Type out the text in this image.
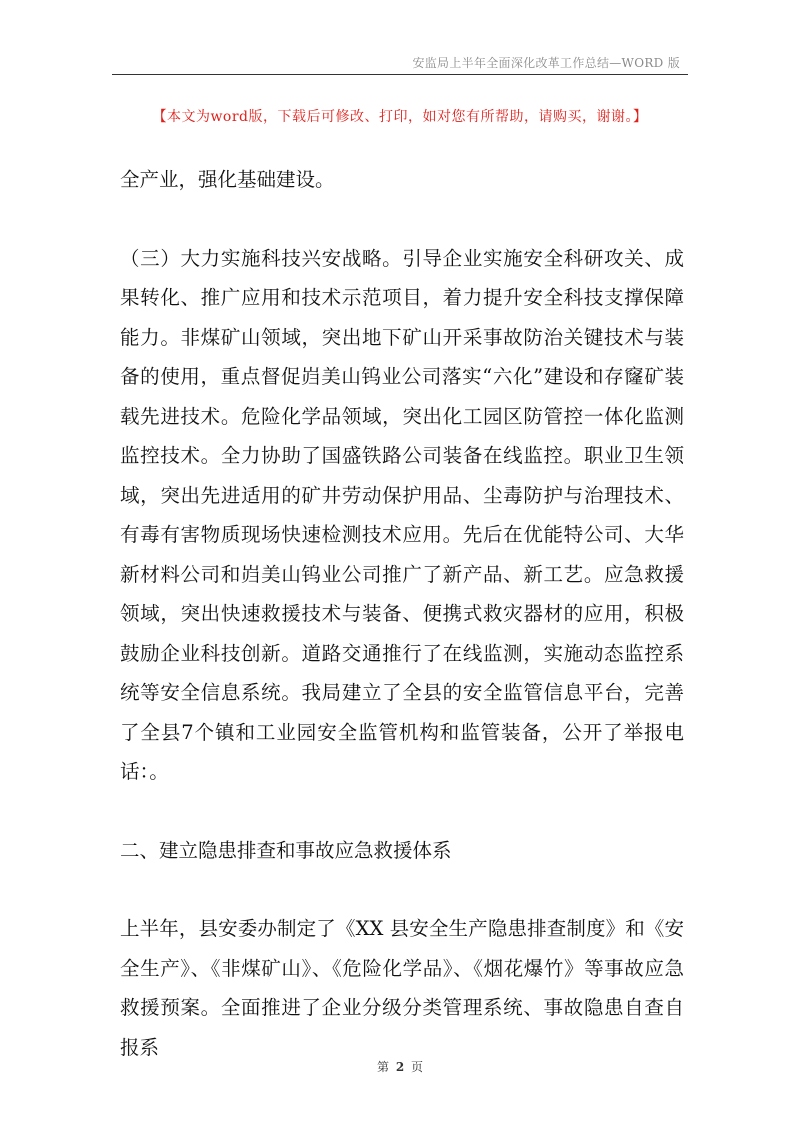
安监局上半年全面深化改革工作总结—WORD 版
【本文为word版，下载后可修改、打印，如对您有所帮助，请购买，谢谢。】

全产业，强化基础建设。

（三）大力实施科技兴安战略。引导企业实施安全科研攻关、成果转化、推广应用和技术示范项目，着力提升安全科技支撑保障能力。非煤矿山领域，突出地下矿山开采事故防治关键技术与装备的使用，重点督促岿美山钨业公司落实“六化”建设和存窿矿装载先进技术。危险化学品领域，突出化工园区防管控一体化监测监控技术。全力协助了国盛铁路公司装备在线监控。职业卫生领域，突出先进适用的矿井劳动保护用品、尘毒防护与治理技术、有毒有害物质现场快速检测技术应用。先后在优能特公司、大华新材料公司和岿美山钨业公司推广了新产品、新工艺。应急救援领域，突出快速救援技术与装备、便携式救灾器材的应用，积极鼓励企业科技创新。道路交通推行了在线监测，实施动态监控系统等安全信息系统。我局建立了全县的安全监管信息平台，完善了全县7个镇和工业园安全监管机构和监管装备，公开了举报电话：。

二、建立隐患排查和事故应急救援体系

上半年，县安委办制定了《XX 县安全生产隐患排查制度》和《安全生产》、《非煤矿山》、《危险化学品》、《烟花爆竹》等事故应急救援预案。全面推进了企业分级分类管理系统、事故隐患自查自报系

第 2 页
